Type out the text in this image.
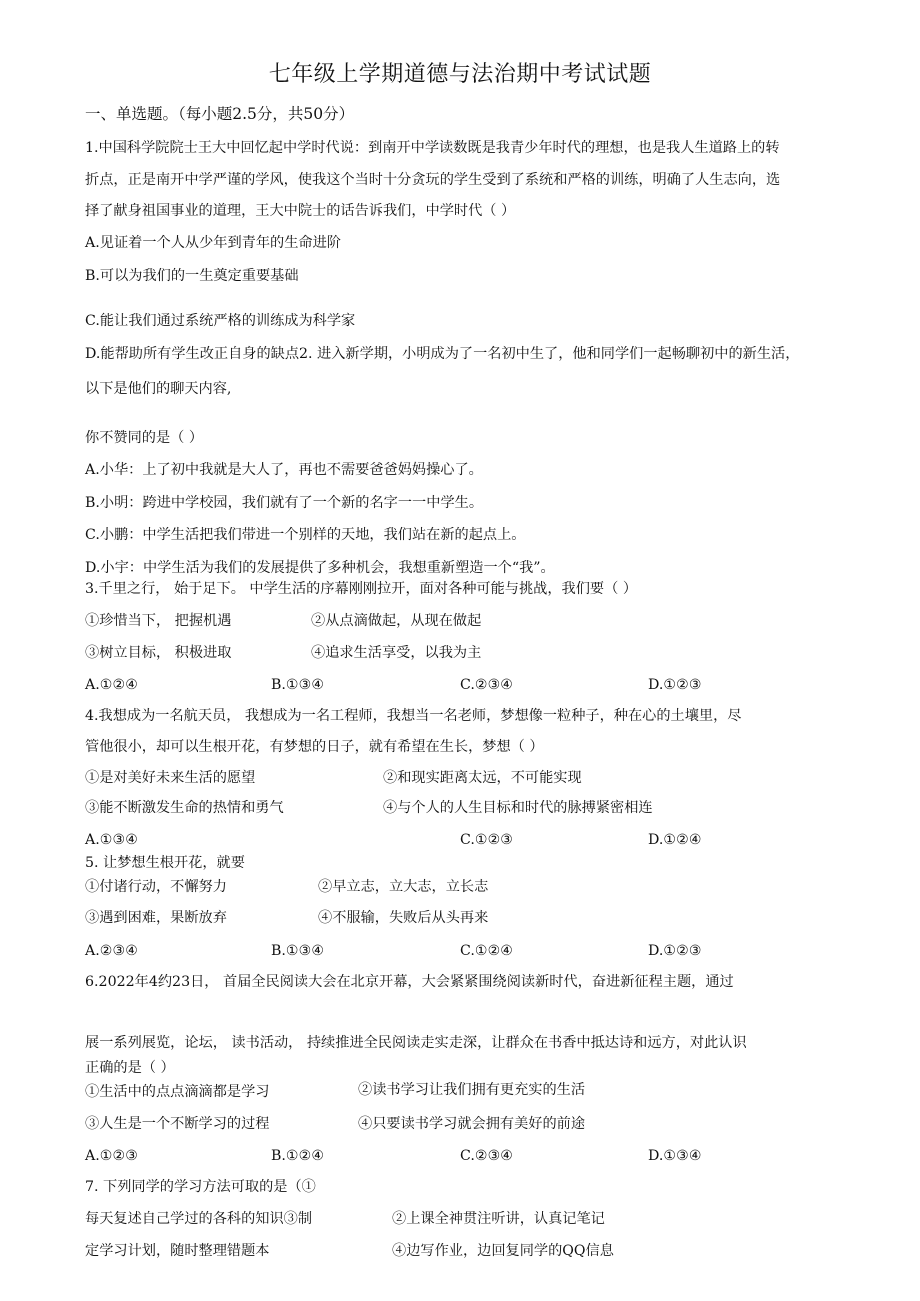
七年级上学期道德与法治期中考试试题
一、单选题。（每小题2.5分，共50分）
1.中国科学院院士王大中回忆起中学时代说：到南开中学读数既是我青少年时代的理想，也是我人生道路上的转
折点，正是南开中学严谨的学风，使我这个当时十分贪玩的学生受到了系统和严格的训练，明确了人生志向，选
择了献身祖国事业的道理，王大中院士的话告诉我们，中学时代（ ）
A.见证着一个人从少年到青年的生命进阶
B.可以为我们的一生奠定重要基础
C.能让我们通过系统严格的训练成为科学家
D.能帮助所有学生改正自身的缺点2. 进入新学期，小明成为了一名初中生了，他和同学们一起畅聊初中的新生活，
以下是他们的聊天内容,
你不赞同的是（ ）
A.小华：上了初中我就是大人了，再也不需要爸爸妈妈操心了。
B.小明：跨进中学校园，我们就有了一个新的名字一一中学生。
C.小鹏：中学生活把我们带进一个别样的天地，我们站在新的起点上。
D.小宇：中学生活为我们的发展提供了多种机会，我想重新塑造一个“我”。
3.千里之行， 始于足下。 中学生活的序幕刚刚拉开，面对各种可能与挑战，我们要（ ）
①珍惜当下， 把握机遇	②从点滴做起，从现在做起
③树立目标， 积极进取	④追求生活享受，以我为主
A.①②④	B.①③④	C.②③④	D.①②③
4.我想成为一名航天员， 我想成为一名工程师，我想当一名老师，梦想像一粒种子，种在心的土壤里，尽
管他很小，却可以生根开花，有梦想的日子，就有希望在生长，梦想（ ）
①是对美好未来生活的愿望	②和现实距离太远，不可能实现
③能不断激发生命的热情和勇气	④与个人的人生目标和时代的脉搏紧密相连
A.①③④	C.①②③	D.①②④
5. 让梦想生根开花，就要
①付诸行动，不懈努力	②早立志，立大志，立长志
③遇到困难，果断放弃	④不服输，失败后从头再来
A.②③④	B.①③④	C.①②④	D.①②③
6.2022年4约23日， 首届全民阅读大会在北京开幕，大会紧紧围绕阅读新时代，奋进新征程主题，通过
展一系列展览，论坛， 读书活动， 持续推进全民阅读走实走深，让群众在书香中抵达诗和远方，对此认识
正确的是（ ）
①生活中的点点滴滴都是学习	②读书学习让我们拥有更充实的生活
③人生是一个不断学习的过程	④只要读书学习就会拥有美好的前途
A.①②③	B.①②④	C.②③④	D.①③④
7. 下列同学的学习方法可取的是（①
每天复述自己学过的各科的知识③制	②上课全神贯注听讲，认真记笔记
定学习计划，随时整理错题本	④边写作业，边回复同学的QQ信息
